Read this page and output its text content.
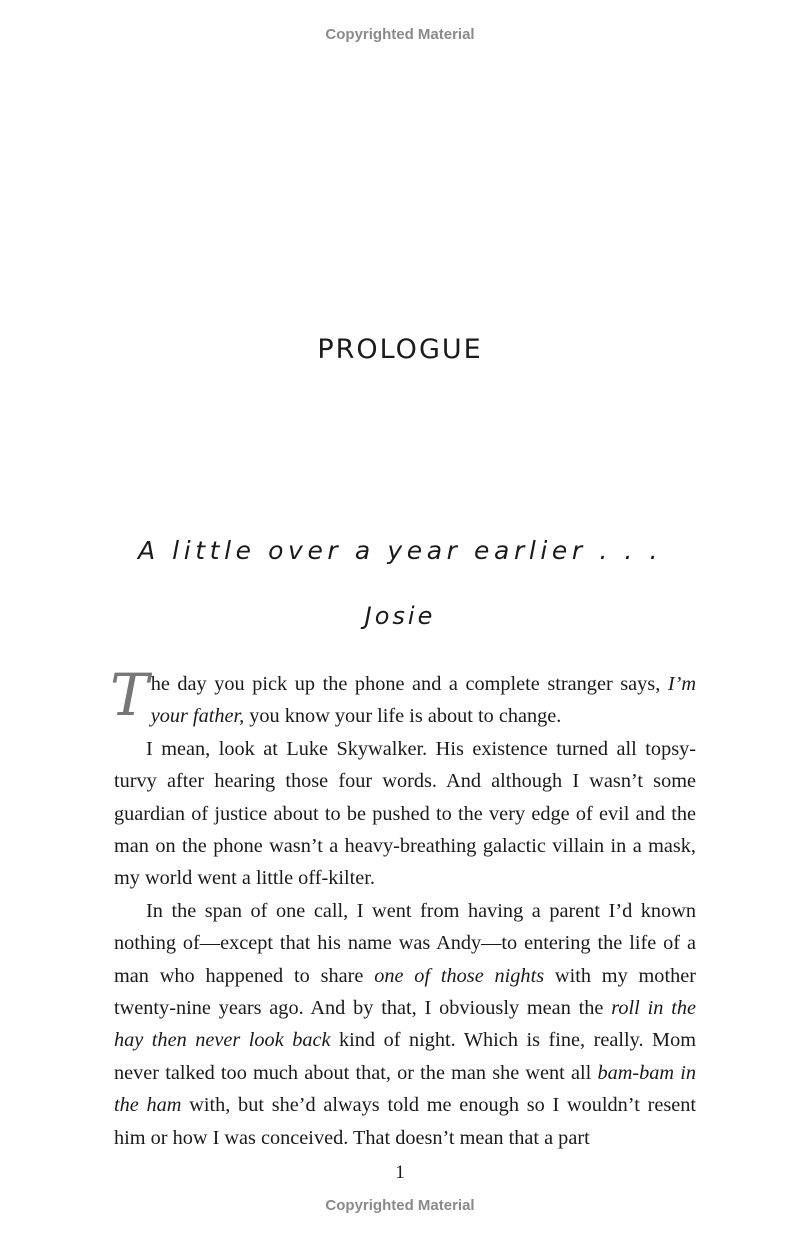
Copyrighted Material
PROLOGUE
A little over a year earlier . . .
Josie

The day you pick up the phone and a complete stranger says, I’m your father, you know your life is about to change.

I mean, look at Luke Skywalker. His existence turned all topsy-turvy after hearing those four words. And although I wasn’t some guardian of justice about to be pushed to the very edge of evil and the man on the phone wasn’t a heavy-breathing galactic villain in a mask, my world went a little off-kilter.

In the span of one call, I went from having a parent I’d known nothing of—except that his name was Andy—to entering the life of a man who happened to share one of those nights with my mother twenty-nine years ago. And by that, I obviously mean the roll in the hay then never look back kind of night. Which is fine, really. Mom never talked too much about that, or the man she went all bam-bam in the ham with, but she’d always told me enough so I wouldn’t resent him or how I was conceived. That doesn’t mean that a part

1
Copyrighted Material
